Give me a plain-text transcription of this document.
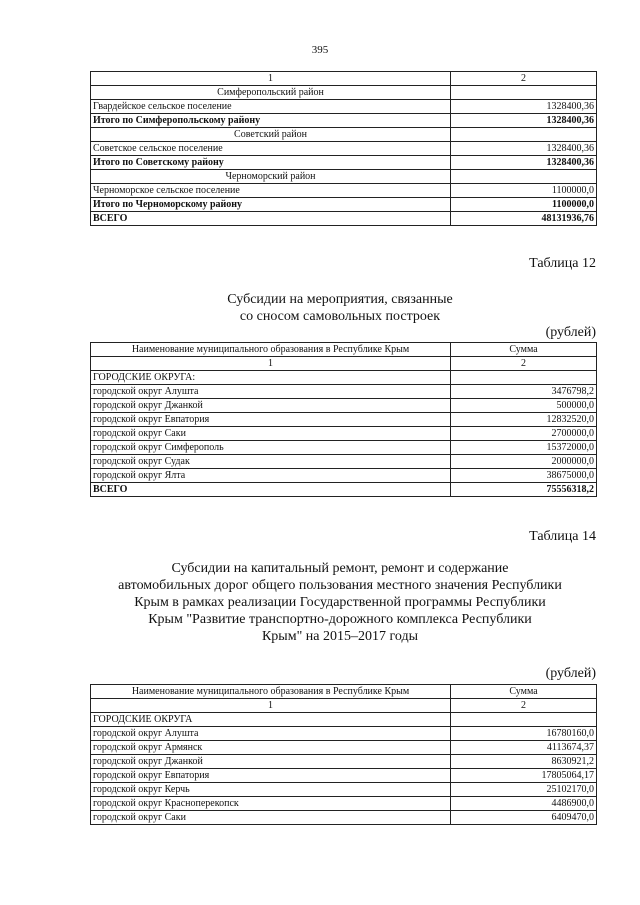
395
1	2
Симферопольский район	
Гвардейское сельское поселение	1328400,36
Итого по Симферопольскому району	1328400,36
Советский район	
Советское сельское поселение	1328400,36
Итого по Советскому району	1328400,36
Черноморский район	
Черноморское сельское поселение	1100000,0
Итого по Черноморскому району	1100000,0
ВСЕГО	48131936,76
Таблица 12
Субсидии на мероприятия, связанные
со сносом самовольных построек
(рублей)
Наименование муниципального образования в Республике Крым	Сумма
1	2
ГОРОДСКИЕ ОКРУГА:	
городской округ Алушта	3476798,2
городской округ Джанкой	500000,0
городской округ Евпатория	12832520,0
городской округ Саки	2700000,0
городской округ Симферополь	15372000,0
городской округ Судак	2000000,0
городской округ Ялта	38675000,0
ВСЕГО	75556318,2
Таблица 14
Субсидии на капитальный ремонт, ремонт и содержание
автомобильных дорог общего пользования местного значения Республики
Крым в рамках реализации Государственной программы Республики
Крым "Развитие транспортно-дорожного комплекса Республики
Крым" на 2015–2017 годы
(рублей)
Наименование муниципального образования в Республике Крым	Сумма
1	2
ГОРОДСКИЕ ОКРУГА	
городской округ Алушта	16780160,0
городской округ Армянск	4113674,37
городской округ Джанкой	8630921,2
городской округ Евпатория	17805064,17
городской округ Керчь	25102170,0
городской округ Красноперекопск	4486900,0
городской округ Саки	6409470,0
